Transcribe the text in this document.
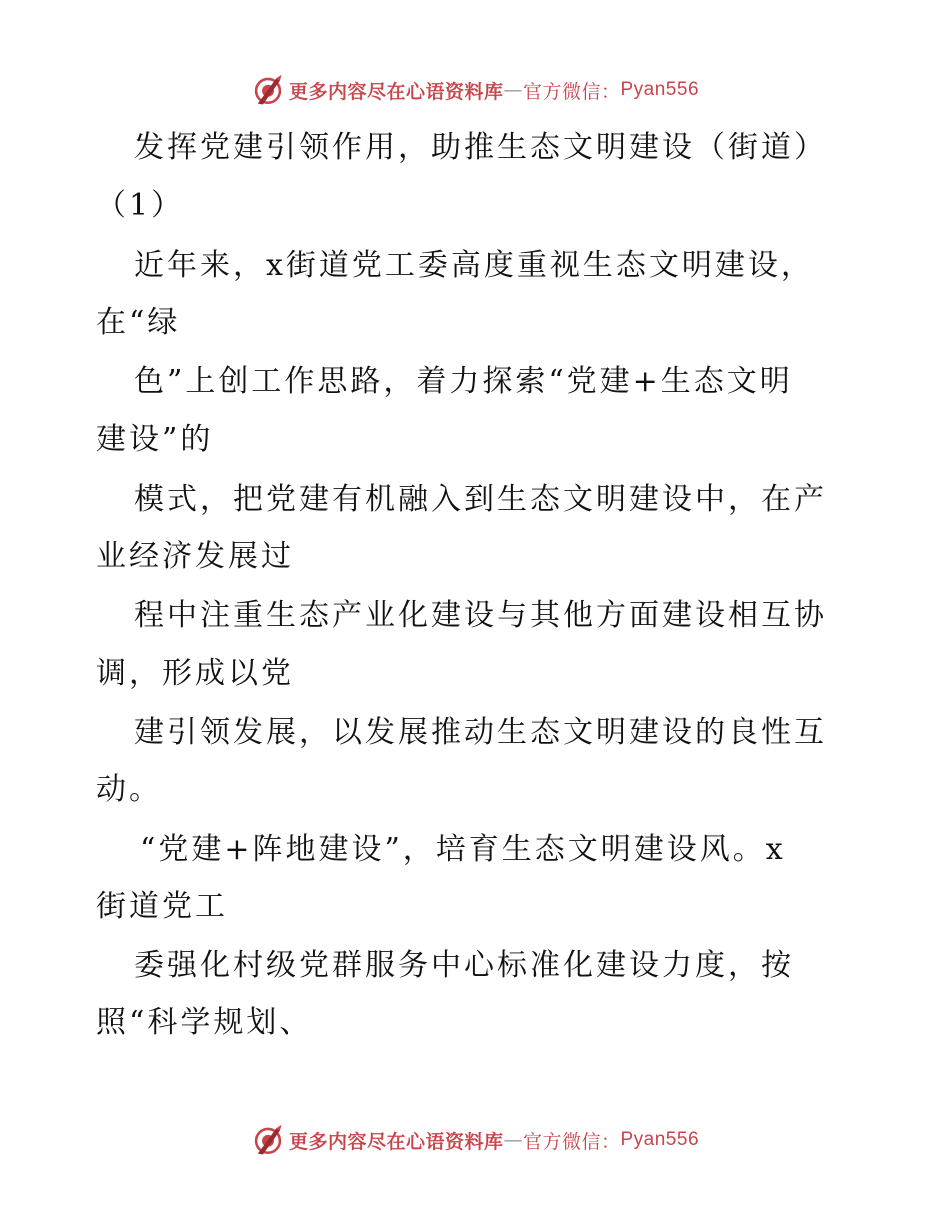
更多内容尽在心语资料库 — 官方微信： Pyan556
发挥党建引领作用，助推生态文明建设（街道）
（1）
近年来，x街道党工委高度重视生态文明建设，
在“绿
色”上创工作思路，着力探索“党建+生态文明
建设”的
模式，把党建有机融入到生态文明建设中，在产
业经济发展过
程中注重生态产业化建设与其他方面建设相互协
调，形成以党
建引领发展，以发展推动生态文明建设的良性互
动。
“党建+阵地建设”，培育生态文明建设风。x
街道党工
委强化村级党群服务中心标准化建设力度，按
照“科学规划、
更多内容尽在心语资料库 — 官方微信： Pyan556
